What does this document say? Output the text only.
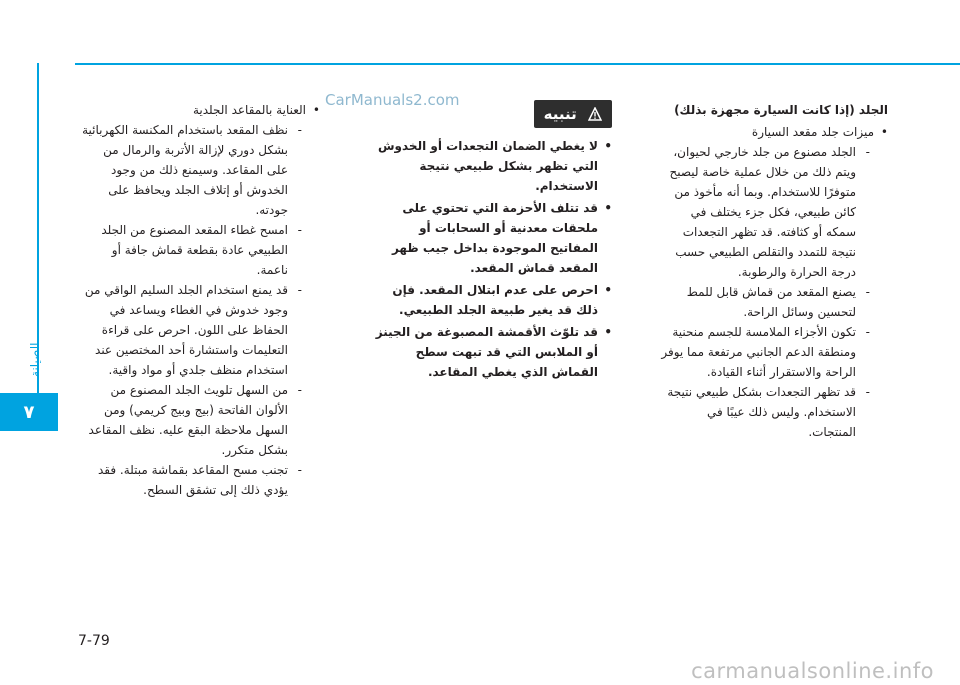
الصيانة
٧
CarManuals2.com
7-79
carmanualsonline.info
الجلد (إذا كانت السيارة مجهزة بذلك)
• ميزات جلد مقعد السيارة
- الجلد مصنوع من جلد خارجي لحيوان، ويتم ذلك من خلال عملية خاصة ليصبح متوفرًا للاستخدام. وبما أنه مأخوذ من كائن طبيعي، فكل جزء يختلف في سمكه أو كثافته. قد تظهر التجعدات نتيجة للتمدد والتقلص الطبيعي حسب درجة الحرارة والرطوبة.
- يصنع المقعد من قماش قابل للمط لتحسين وسائل الراحة.
- تكون الأجزاء الملامسة للجسم منحنية ومنطقة الدعم الجانبي مرتفعة مما يوفر الراحة والاستقرار أثناء القيادة.
- قد تظهر التجعدات بشكل طبيعي نتيجة الاستخدام. وليس ذلك عيبًا في المنتجات.
تنبيه
• لا يغطي الضمان التجعدات أو الخدوش التي تظهر بشكل طبيعي نتيجة الاستخدام.
• قد تتلف الأحزمة التي تحتوي على ملحقات معدنية أو السحابات أو المفاتيح الموجودة بداخل جيب ظهر المقعد قماش المقعد.
• احرص على عدم ابتلال المقعد. فإن ذلك قد يغير طبيعة الجلد الطبيعي.
• قد تلوّث الأقمشة المصبوغة من الجينز أو الملابس التي قد تبهت سطح القماش الذي يغطي المقاعد.
• العناية بالمقاعد الجلدية
- نظف المقعد باستخدام المكنسة الكهربائية بشكل دوري لإزالة الأتربة والرمال من على المقاعد. وسيمنع ذلك من وجود الخدوش أو إتلاف الجلد ويحافظ على جودته.
- امسح غطاء المقعد المصنوع من الجلد الطبيعي عادة بقطعة قماش جافة أو ناعمة.
- قد يمنع استخدام الجلد السليم الواقي من وجود خدوش في الغطاء ويساعد في الحفاظ على اللون. احرص على قراءة التعليمات واستشارة أحد المختصين عند استخدام منظف جلدي أو مواد واقية.
- من السهل تلويث الجلد المصنوع من الألوان الفاتحة (بيج وبيج كريمي) ومن السهل ملاحظة البقع عليه. نظف المقاعد بشكل متكرر.
- تجنب مسح المقاعد بقماشة مبتلة. فقد يؤدي ذلك إلى تشقق السطح.
